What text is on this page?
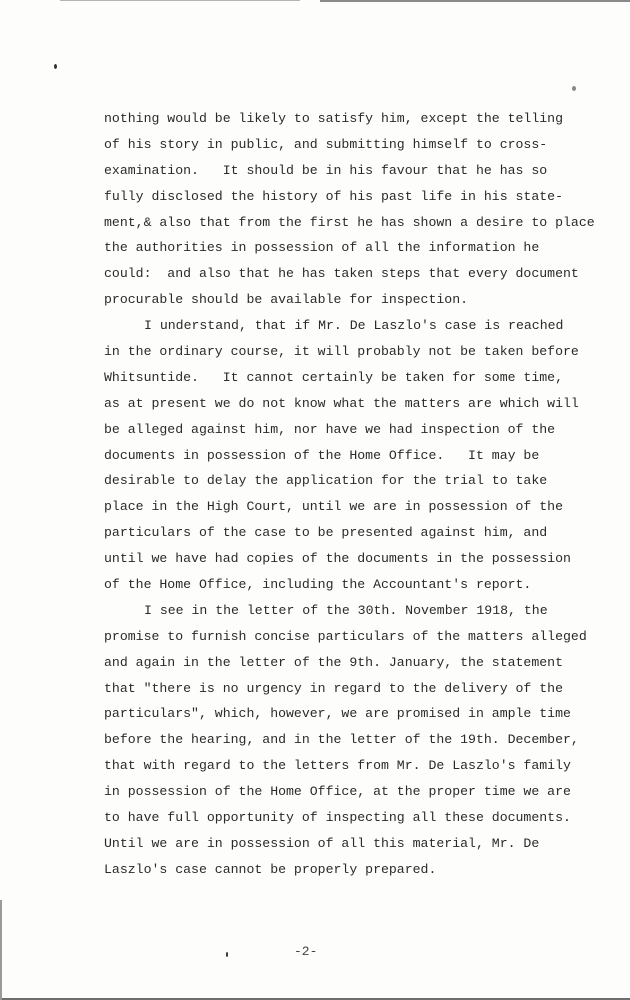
nothing would be likely to satisfy him, except the telling
of his story in public, and submitting himself to cross-
examination.   It should be in his favour that he has so
fully disclosed the history of his past life in his state-
ment,& also that from the first he has shown a desire to place
the authorities in possession of all the information he
could:  and also that he has taken steps that every document
procurable should be available for inspection.
I understand, that if Mr. De Laszlo's case is reached
in the ordinary course, it will probably not be taken before
Whitsuntide.   It cannot certainly be taken for some time,
as at present we do not know what the matters are which will
be alleged against him, nor have we had inspection of the
documents in possession of the Home Office.   It may be
desirable to delay the application for the trial to take
place in the High Court, until we are in possession of the
particulars of the case to be presented against him, and
until we have had copies of the documents in the possession
of the Home Office, including the Accountant's report.
I see in the letter of the 30th. November 1918, the
promise to furnish concise particulars of the matters alleged
and again in the letter of the 9th. January, the statement
that "there is no urgency in regard to the delivery of the
particulars", which, however, we are promised in ample time
before the hearing, and in the letter of the 19th. December,
that with regard to the letters from Mr. De Laszlo's family
in possession of the Home Office, at the proper time we are
to have full opportunity of inspecting all these documents.
Until we are in possession of all this material, Mr. De
Laszlo's case cannot be properly prepared.
-2-
